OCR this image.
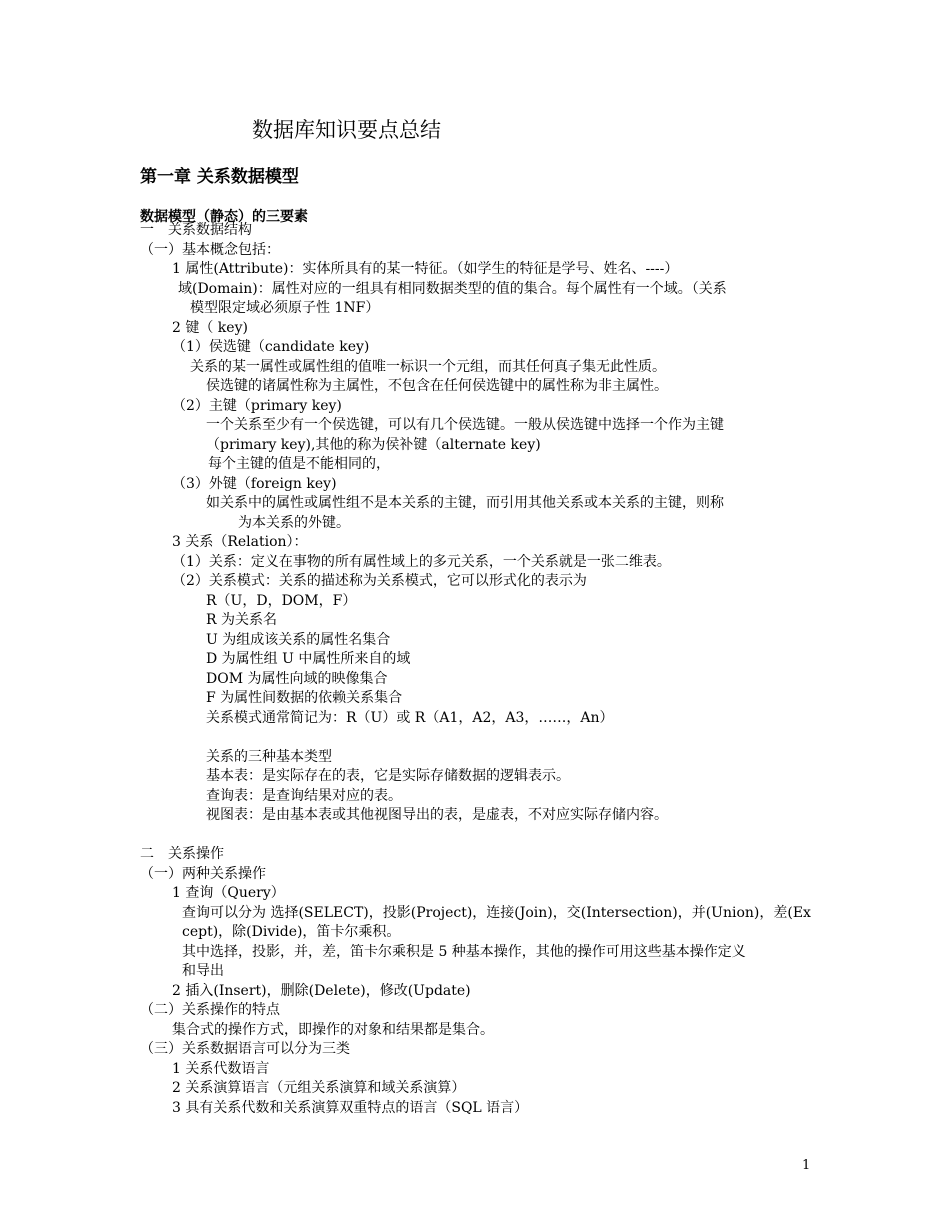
数据库知识要点总结
第一章 关系数据模型
数据模型（静态）的三要素
一　关系数据结构
（一）基本概念包括：
1 属性(Attribute)：实体所具有的某一特征。（如学生的特征是学号、姓名、----）
域(Domain)：属性对应的一组具有相同数据类型的值的集合。每个属性有一个域。（关系
模型限定域必须原子性 1NF）
2 键（ key)
（1）侯选键（candidate key)
关系的某一属性或属性组的值唯一标识一个元组，而其任何真子集无此性质。
侯选键的诸属性称为主属性，不包含在任何侯选键中的属性称为非主属性。
（2）主键（primary key)
一个关系至少有一个侯选键，可以有几个侯选键。一般从侯选键中选择一个作为主键
（primary key),其他的称为侯补键（alternate key)
每个主键的值是不能相同的，
（3）外键（foreign key)
如关系中的属性或属性组不是本关系的主键，而引用其他关系或本关系的主键，则称
为本关系的外键。
3 关系（Relation）：
（1）关系：定义在事物的所有属性域上的多元关系，一个关系就是一张二维表。
（2）关系模式：关系的描述称为关系模式，它可以形式化的表示为
R（U，D，DOM，F）
R 为关系名
U 为组成该关系的属性名集合
D 为属性组 U 中属性所来自的域
DOM 为属性向域的映像集合
F 为属性间数据的依赖关系集合
关系模式通常简记为：R（U）或 R（A1，A2，A3，……，An）
关系的三种基本类型
基本表：是实际存在的表，它是实际存储数据的逻辑表示。
查询表：是查询结果对应的表。
视图表：是由基本表或其他视图导出的表，是虚表，不对应实际存储内容。
二　关系操作
（一）两种关系操作
1 查询（Query）
查询可以分为 选择(SELECT)，投影(Project)，连接(Join)，交(Intersection)，并(Union)，差(Ex
cept)，除(Divide)，笛卡尔乘积。
其中选择，投影，并，差，笛卡尔乘积是 5 种基本操作，其他的操作可用这些基本操作定义
和导出
2 插入(Insert)，删除(Delete)，修改(Update)
（二）关系操作的特点
集合式的操作方式，即操作的对象和结果都是集合。
（三）关系数据语言可以分为三类
1 关系代数语言
2 关系演算语言（元组关系演算和域关系演算）
3 具有关系代数和关系演算双重特点的语言（SQL 语言）
1
